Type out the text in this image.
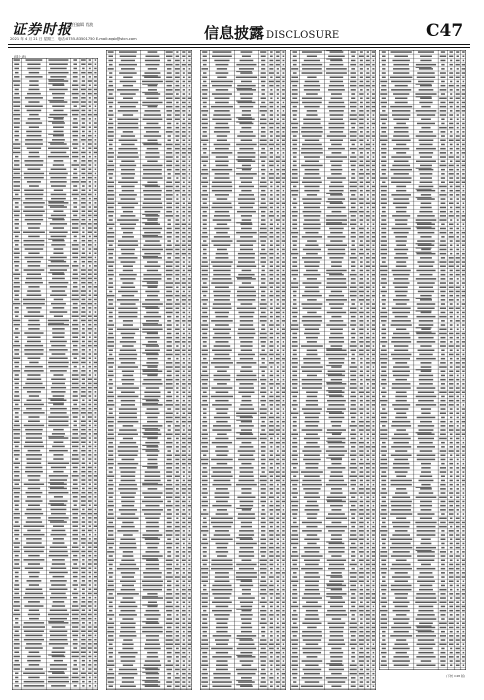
证券时报
责任编辑 肖波
2021 年 4 月 21 日 星期三 电话:0755-83501750 E-mail:zqsb@stcn.com	信息披露 DISCLOSURE	C47
(续上表)
(下转 C48 版)
